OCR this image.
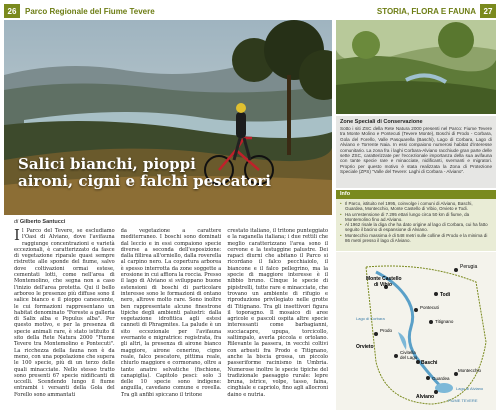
26	Parco Regionale del Fiume Tevere	STORIA, FLORA E FAUNA 27
Salici bianchi, pioppi
aironi, cigni e falchi pescatori
di Gilberto Santucci
I l Parco del Tevere, se escludiamo l'Oasi di Alviano, dove l'avifauna raggiunge concentrazioni e varietà eccezionali, è caratterizzato da fasce di vegetazione riparale quasi sempre ristrette alle sponde del fiume, salvo dove coltivazioni ormai estese, cementati lotti, come nell'area di Montemolino, che segna non a caso l'inizio dell'area protetta. Qui il bello arboreo le presenze più diffuse sono il salice bianco e il pioppo canescente, le cui formazioni rappresentano un habitat denominato "Foreste a galleria di Salix alba e Populus alba". Per questo motivo, e per la presenza di specie animali rare, è stato istituito il sito della Rete Natura 2000 "Fiume Tevere tra Montemolino e Pontecuti". La ricchezza della fauna non è da meno, con una popolazione che supera le 100 specie, più di un terzo delle quali minacciate. Nello stesso tratto sono presenti 67 specie nidificanti di uccelli. Scendendo lungo il fiume entrambi i versanti della Gola del Forello sono ammantati

da vegetazione a carattere mediterraneo. I boschi sono dominati dal leccio e in essi compaiono specie diverse a seconda dell'esposizione: dalla fillirea all'orniello, dalla roverella al carpino nero. La copertura arborea è spesso interrotta da zone soggette a erosione in cui affiora la roccia. Presso il lago di Alviano si sviluppano buone estensioni di boschi di particolare interesse sono le formazioni di ontano nero, altrove molto rare. Sono inoltre ben rappresentate alcune finestrone tipiche degli ambienti palustri: dalla vegetazione idrofitica agli estesi canneti di Phragmites. La palude è un sito eccezionale per l'avifauna svernante e migratrice: registrata, fra gli altri, la presenza di airone bianco maggiore, airone cenerino, cigno reale, falco pescatore, pittima reale, chiurlo maggiore e cormorano, oltre a tante anatre selvatiche (fischione, canapiglia). Capitolo pesci: solo 3 delle 10 specie sono indigene: anguilla, cavedano comune e rovella. Tra gli anfibi spiccano il tritone

crestato italiano, il tritone punteggiato e la raganella italiana; i due rettili che meglio caratterizzano l'area sono il cervone e la testuggine palustre. Dei rapaci diurni che abitano il Parco si ricordano il falco pecchiaiolo, il biancone e il falco pellegrino, ma la specie di maggiore interesse è il nibbio bruno. Cinque le specie di pipistrelli, tutte rare e minacciate, che trovano un ambiente di rifugio e riproduzione privilegiato nelle grotte di Titignano. Tra gli insettivori figura il toporagno. Il mosaico di aree agricole e pascoli ospita altre specie interessanti come barbagianni, succiacapre, upupa, torcicollo, saltimpalo, averla piccola e ortolano. Rilevante la passera, in vecchi coltivi con arbusti fra Prodo e Titignano, anche la biscia grossa, un piccolo passeriforme racinismo in Umbria. Numerose inoltre le specie tipiche del tradizionale paesaggio rurale: lepre bruna, istrice, volpe, tasso, faina, cinghiale e capriolo, fino agli allocroni daino e nutria.

Zone Speciali di Conservazione

Sotto i siti ZSC della Rete Natura 2000 presenti nel Parco: Fiume Tevere tra Monte Molino e Pontecuti (Tevere Monte), Boschi di Prodo - Corbara, Gola del Forello, Valle Pasquarella (Baschi), Lago di Corbara, Lago di Alviano e Torrente Naia. In essi compaiono numerosi habitat d'interesse comunitario. La zona fra i laghi Corbara-Alviano racchiude gran parte delle sette ZSC, caratterizzate per l'eccezionale importanza della sua avifauna con tante specie rare e minacciate, nidificanti, svernanti e migratori. Proprio per questo motivo è stata realizzata la Zona di Protezione Speciale (ZPS) "Valle del Tevere: Laghi di Corbara - Alviano".

Info
• Il Parco, istituito nel 1995, coinvolge i comuni di Alviano, Baschi, Guardea, Montecchio, Monte Castello di Vibio, Orvieto e Todi.
• Ha un'estensione di 7.295 ettari lungo circa 50 km di fiume, da Montemolino fino ad Alviano.
• Al 1962 risale la diga che ha dato origine al lago di Corbara, cui ha fatto seguito il bacino di espansione di Alviano.
• Montecchio massima è di 548 metri sulle colline di Prodo e la minima di 86 metri presso il lago di Alviano.
Perugia
Monte Castello
di Vibio
Todi
Pontecuti
Titignano
Prodo
Orvieto
Civitella
del Lago
Baschi
Montecchio
Guardea
Alviano
FIUME TEVERE
Lago di Corbara
Lago di Alviano
